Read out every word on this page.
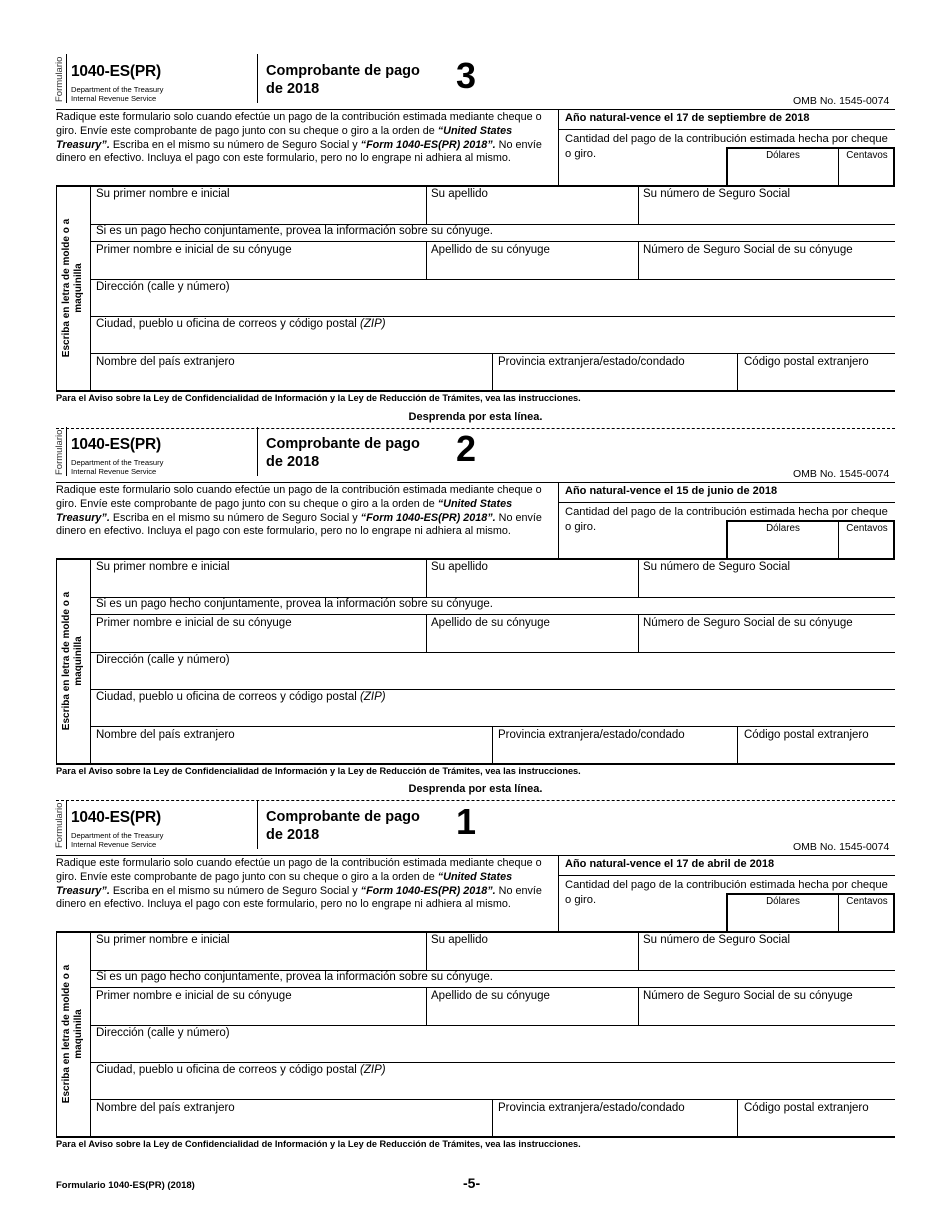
Formulario 1040-ES(PR)
Department of the Treasury
Internal Revenue Service
Comprobante de pago
de 2018	3
OMB No. 1545-0074
Radique este formulario solo cuando efectúe un pago de la contribución estimada mediante cheque o giro. Envíe este comprobante de pago junto con su cheque o giro a la orden de “United States Treasury”. Escriba en el mismo su número de Seguro Social y “Form 1040-ES(PR) 2018”. No envíe dinero en efectivo. Incluya el pago con este formulario, pero no lo engrape ni adhiera al mismo.
Año natural-vence el 17 de septiembre de 2018
Cantidad del pago de la contribución estimada hecha por cheque o giro.	Dólares	Centavos
Escriba en letra de molde o a maquinilla
Su primer nombre e inicial	Su apellido	Su número de Seguro Social
Si es un pago hecho conjuntamente, provea la información sobre su cónyuge.
Primer nombre e inicial de su cónyuge	Apellido de su cónyuge	Número de Seguro Social de su cónyuge
Dirección (calle y número)
Ciudad, pueblo u oficina de correos y código postal (ZIP)
Nombre del país extranjero	Provincia extranjera/estado/condado	Código postal extranjero
Para el Aviso sobre la Ley de Confidencialidad de Información y la Ley de Reducción de Trámites, vea las instrucciones.
Desprenda por esta línea.
Formulario 1040-ES(PR)
Department of the Treasury
Internal Revenue Service
Comprobante de pago
de 2018	2
OMB No. 1545-0074
Radique este formulario solo cuando efectúe un pago de la contribución estimada mediante cheque o giro. Envíe este comprobante de pago junto con su cheque o giro a la orden de “United States Treasury”. Escriba en el mismo su número de Seguro Social y “Form 1040-ES(PR) 2018”. No envíe dinero en efectivo. Incluya el pago con este formulario, pero no lo engrape ni adhiera al mismo.
Año natural-vence el 15 de junio de 2018
Cantidad del pago de la contribución estimada hecha por cheque o giro.	Dólares	Centavos
Escriba en letra de molde o a maquinilla
Su primer nombre e inicial	Su apellido	Su número de Seguro Social
Si es un pago hecho conjuntamente, provea la información sobre su cónyuge.
Primer nombre e inicial de su cónyuge	Apellido de su cónyuge	Número de Seguro Social de su cónyuge
Dirección (calle y número)
Ciudad, pueblo u oficina de correos y código postal (ZIP)
Nombre del país extranjero	Provincia extranjera/estado/condado	Código postal extranjero
Para el Aviso sobre la Ley de Confidencialidad de Información y la Ley de Reducción de Trámites, vea las instrucciones.
Desprenda por esta línea.
Formulario 1040-ES(PR)
Department of the Treasury
Internal Revenue Service
Comprobante de pago
de 2018	1
OMB No. 1545-0074
Radique este formulario solo cuando efectúe un pago de la contribución estimada mediante cheque o giro. Envíe este comprobante de pago junto con su cheque o giro a la orden de “United States Treasury”. Escriba en el mismo su número de Seguro Social y “Form 1040-ES(PR) 2018”. No envíe dinero en efectivo. Incluya el pago con este formulario, pero no lo engrape ni adhiera al mismo.
Año natural-vence el 17 de abril de 2018
Cantidad del pago de la contribución estimada hecha por cheque o giro.	Dólares	Centavos
Escriba en letra de molde o a maquinilla
Su primer nombre e inicial	Su apellido	Su número de Seguro Social
Si es un pago hecho conjuntamente, provea la información sobre su cónyuge.
Primer nombre e inicial de su cónyuge	Apellido de su cónyuge	Número de Seguro Social de su cónyuge
Dirección (calle y número)
Ciudad, pueblo u oficina de correos y código postal (ZIP)
Nombre del país extranjero	Provincia extranjera/estado/condado	Código postal extranjero
Para el Aviso sobre la Ley de Confidencialidad de Información y la Ley de Reducción de Trámites, vea las instrucciones.
Formulario 1040-ES(PR) (2018)	-5-
